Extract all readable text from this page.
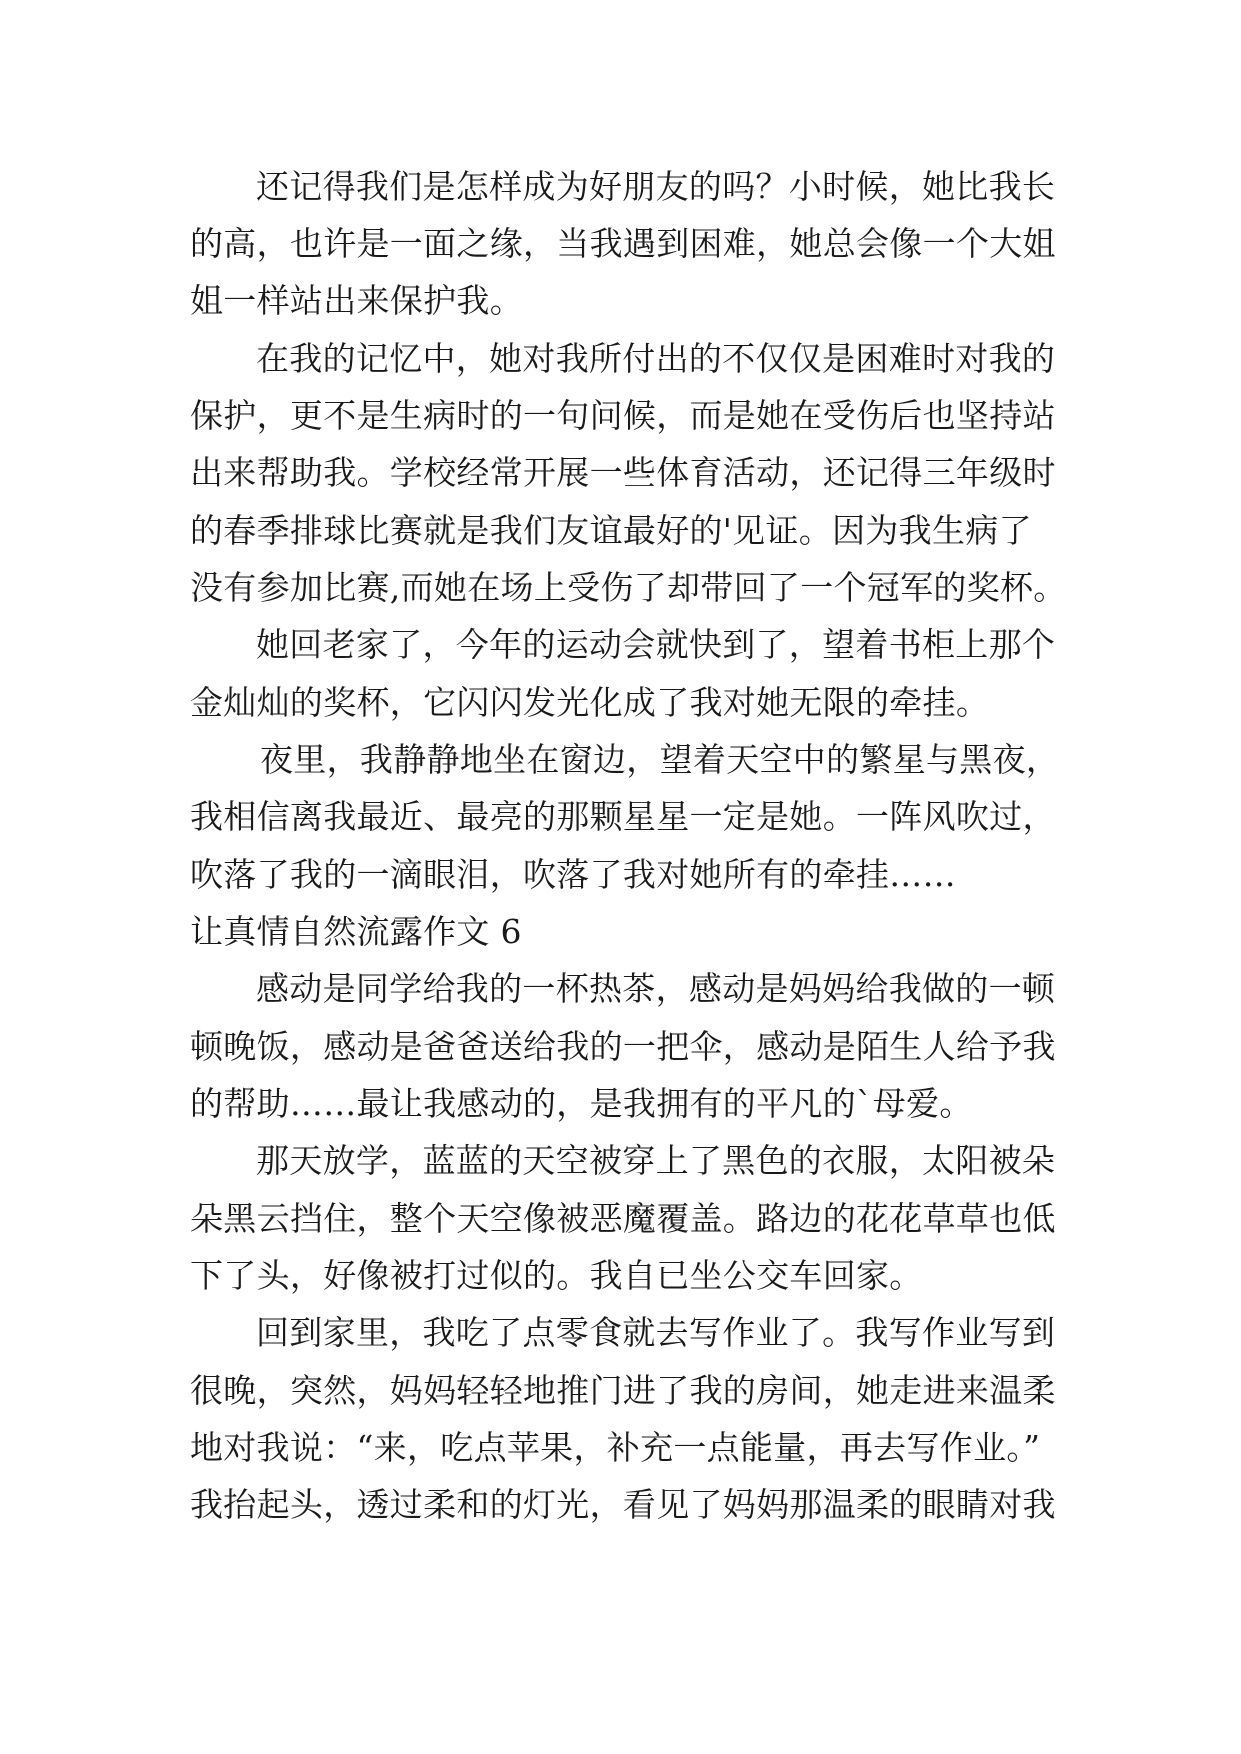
还记得我们是怎样成为好朋友的吗？小时候，她比我长
的高，也许是一面之缘，当我遇到困难，她总会像一个大姐
姐一样站出来保护我。
在我的记忆中，她对我所付出的不仅仅是困难时对我的
保护，更不是生病时的一句问候，而是她在受伤后也坚持站
出来帮助我。学校经常开展一些体育活动，还记得三年级时
的春季排球比赛就是我们友谊最好的'见证。因为我生病了
没有参加比赛,而她在场上受伤了却带回了一个冠军的奖杯。
她回老家了，今年的运动会就快到了，望着书柜上那个
金灿灿的奖杯，它闪闪发光化成了我对她无限的牵挂。
夜里，我静静地坐在窗边，望着天空中的繁星与黑夜，
我相信离我最近、最亮的那颗星星一定是她。一阵风吹过，
吹落了我的一滴眼泪，吹落了我对她所有的牵挂……
让真情自然流露作文 6
感动是同学给我的一杯热茶，感动是妈妈给我做的一顿
顿晚饭，感动是爸爸送给我的一把伞，感动是陌生人给予我
的帮助……最让我感动的，是我拥有的平凡的`母爱。
那天放学，蓝蓝的天空被穿上了黑色的衣服，太阳被朵
朵黑云挡住，整个天空像被恶魔覆盖。路边的花花草草也低
下了头，好像被打过似的。我自已坐公交车回家。
回到家里，我吃了点零食就去写作业了。我写作业写到
很晚，突然，妈妈轻轻地推门进了我的房间，她走进来温柔
地对我说：“来，吃点苹果，补充一点能量，再去写作业。”
我抬起头，透过柔和的灯光，看见了妈妈那温柔的眼睛对我
